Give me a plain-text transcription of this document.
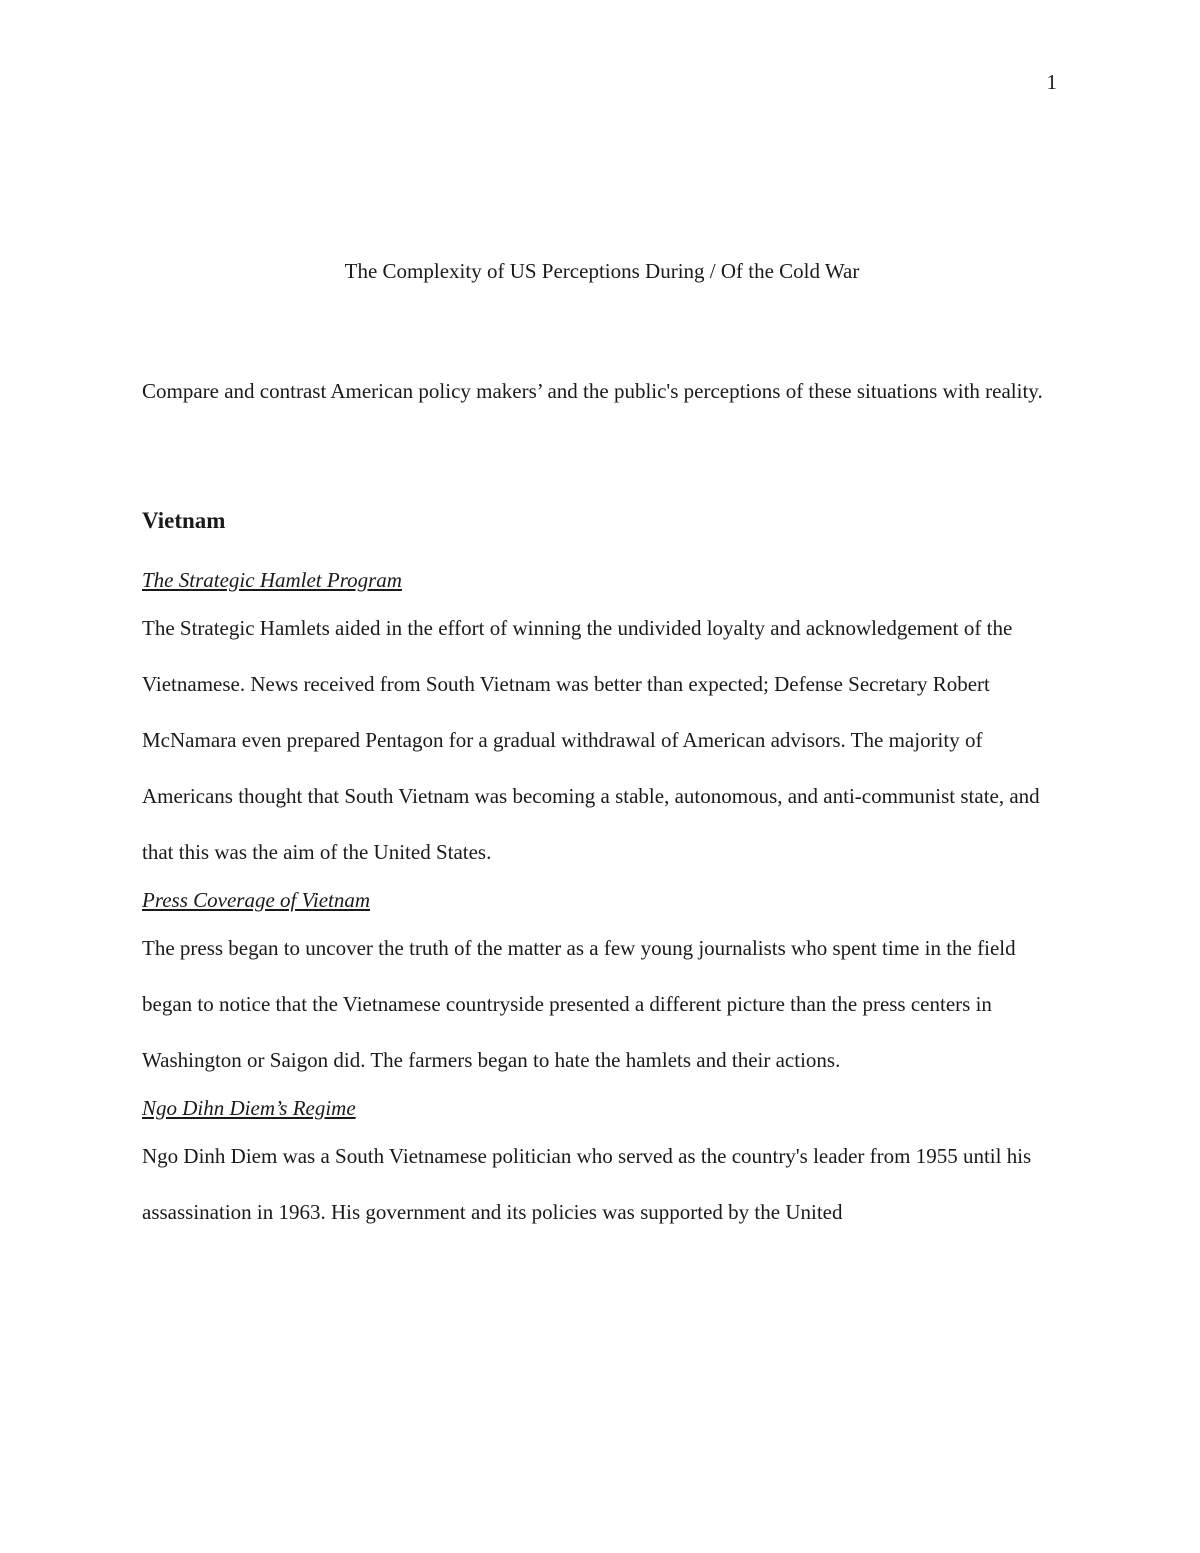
1
The Complexity of US Perceptions During / Of the Cold War

Compare and contrast American policy makers’ and the public's perceptions of these situations with reality.

Vietnam
The Strategic Hamlet Program

The Strategic Hamlets aided in the effort of winning the undivided loyalty and acknowledgement of the Vietnamese. News received from South Vietnam was better than expected; Defense Secretary Robert McNamara even prepared Pentagon for a gradual withdrawal of American advisors. The majority of Americans thought that South Vietnam was becoming a stable, autonomous, and anti-communist state, and that this was the aim of the United States.

Press Coverage of Vietnam

The press began to uncover the truth of the matter as a few young journalists who spent time in the field began to notice that the Vietnamese countryside presented a different picture than the press centers in Washington or Saigon did. The farmers began to hate the hamlets and their actions.

Ngo Dihn Diem’s Regime

Ngo Dinh Diem was a South Vietnamese politician who served as the country's leader from 1955 until his assassination in 1963. His government and its policies was supported by the United
